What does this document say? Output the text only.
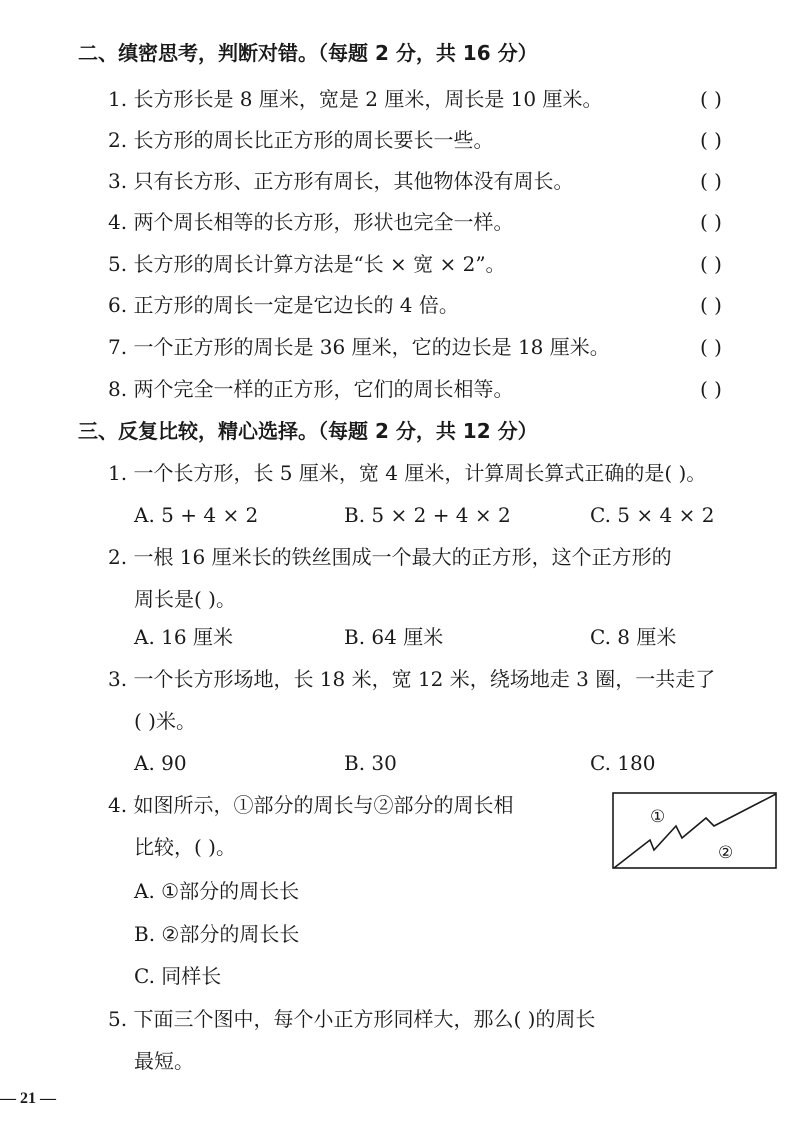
二、缜密思考，判断对错。（每题 2 分，共 16 分）
1. 长方形长是 8 厘米，宽是 2 厘米，周长是 10 厘米。	( )
2. 长方形的周长比正方形的周长要长一些。	( )
3. 只有长方形、正方形有周长，其他物体没有周长。	( )
4. 两个周长相等的长方形，形状也完全一样。	( )
5. 长方形的周长计算方法是“长 × 宽 × 2”。	( )
6. 正方形的周长一定是它边长的 4 倍。	( )
7. 一个正方形的周长是 36 厘米，它的边长是 18 厘米。	( )
8. 两个完全一样的正方形，它们的周长相等。	( )
三、反复比较，精心选择。（每题 2 分，共 12 分）
1. 一个长方形，长 5 厘米，宽 4 厘米，计算周长算式正确的是( )。
A. 5 + 4 × 2	B. 5 × 2 + 4 × 2	C. 5 × 4 × 2
2. 一根 16 厘米长的铁丝围成一个最大的正方形，这个正方形的
周长是( )。
A. 16 厘米	B. 64 厘米	C. 8 厘米
3. 一个长方形场地，长 18 米，宽 12 米，绕场地走 3 圈，一共走了
( )米。
A. 90	B. 30	C. 180
4. 如图所示，①部分的周长与②部分的周长相
比较，( )。
A. ①部分的周长长
B. ②部分的周长长
C. 同样长
①
②
5. 下面三个图中，每个小正方形同样大，那么( )的周长
最短。
— 21 —
